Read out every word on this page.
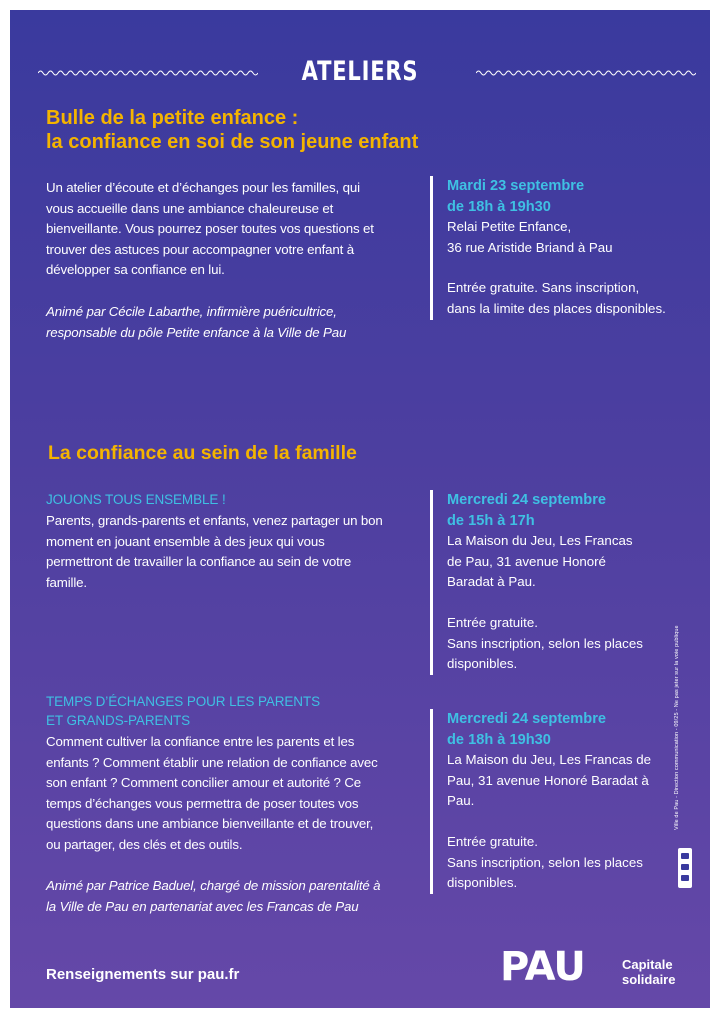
ATELIERS
Bulle de la petite enfance :
la confiance en soi de son jeune enfant
Un atelier d’écoute et d’échanges pour les familles, qui
vous accueille dans une ambiance chaleureuse et
bienveillante. Vous pourrez poser toutes vos questions et
trouver des astuces pour accompagner votre enfant à
développer sa confiance en lui.
Animé par Cécile Labarthe, infirmière puéricultrice,
responsable du pôle Petite enfance à la Ville de Pau
Mardi 23 septembre
de 18h à 19h30
Relai Petite Enfance,
36 rue Aristide Briand à Pau
Entrée gratuite. Sans inscription,
dans la limite des places disponibles.
La confiance au sein de la famille
JOUONS TOUS ENSEMBLE !
Parents, grands-parents et enfants, venez partager un bon
moment en jouant ensemble à des jeux qui vous
permettront de travailler la confiance au sein de votre
famille.
Mercredi 24 septembre
de 15h à 17h
La Maison du Jeu, Les Francas
de Pau, 31 avenue Honoré
Baradat à Pau.
Entrée gratuite.
Sans inscription, selon les places
disponibles.
TEMPS D’ÉCHANGES POUR LES PARENTS
ET GRANDS-PARENTS
Comment cultiver la confiance entre les parents et les
enfants ? Comment établir une relation de confiance avec
son enfant ? Comment concilier amour et autorité ? Ce
temps d’échanges vous permettra de poser toutes vos
questions dans une ambiance bienveillante et de trouver,
ou partager, des clés et des outils.
Animé par Patrice Baduel, chargé de mission parentalité à
la Ville de Pau en partenariat avec les Francas de Pau
Mercredi 24 septembre
de 18h à 19h30
La Maison du Jeu, Les Francas de
Pau, 31 avenue Honoré Baradat à
Pau.
Entrée gratuite.
Sans inscription, selon les places
disponibles.
Ville de Pau - Direction communication - 09/25 - Ne pas jeter sur la voie publique
Renseignements sur pau.fr	PAU	Capitale
solidaire
